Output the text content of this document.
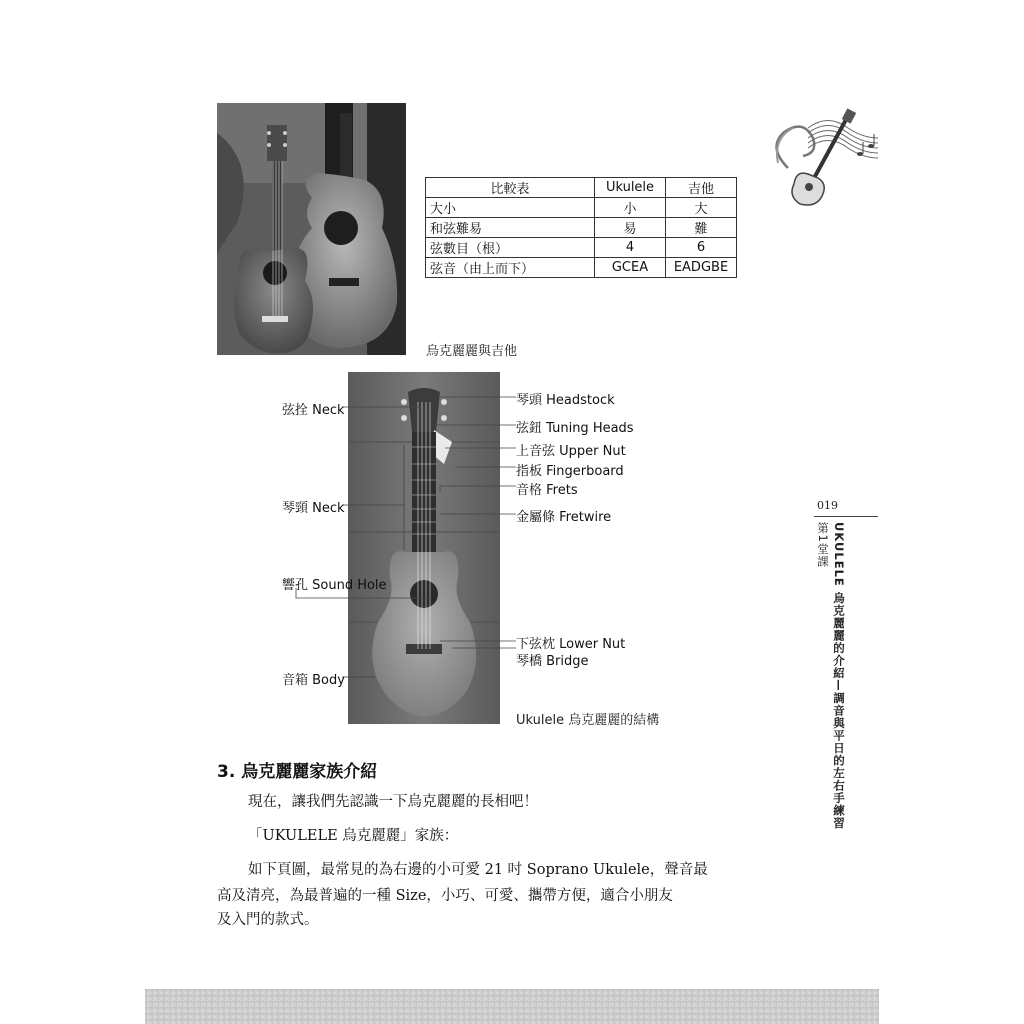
烏克麗麗與吉他
比較表	Ukulele	吉他
大小	小	大
和弦難易	易	難
弦數目（根）	4	6
弦音（由上而下）	GCEA	EADGBE
弦拴 Neck
琴頸 Neck
響孔 Sound Hole
音箱 Body
琴頭 Headstock
弦鈕 Tuning Heads
上音弦 Upper Nut
指板 Fingerboard
音格 Frets
金屬條 Fretwire
下弦枕 Lower Nut
琴橋 Bridge
Ukulele 烏克麗麗的結構
3. 烏克麗麗家族介紹
現在，讓我們先認識一下烏克麗麗的長相吧！
「UKULELE 烏克麗麗」家族：
如下頁圖，最常見的為右邊的小可愛 21 吋 Soprano Ukulele，聲音最
高及清亮，為最普遍的一種 Size，小巧、可愛、攜帶方便，適合小朋友
及入門的款式。
019
第1堂課 UKULELE 烏克麗麗的介紹—調音與平日的左右手練習
